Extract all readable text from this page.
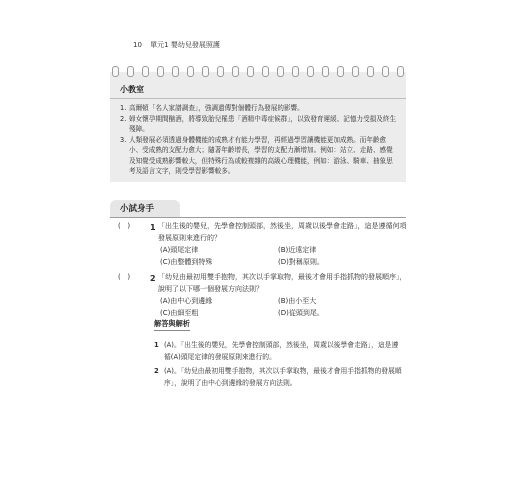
10 單元1 嬰幼兒發展照護
小教室
1. 高爾頓「名人家譜調查」，強調遺傳對個體行為發展的影響。
2. 婦女懷孕期間酗酒，將導致胎兒罹患「酒精中毒症候群」，以致發育遲緩、記憶力受損及終生殘障。
3. 人類發展必須透過身體機能的成熟才有能力學習，再經過學習讓機能更加成熟。而年齡愈小、受成熟的支配力愈大；隨著年齡增長，學習的支配力漸增加。例如：站立、走路、感覺及知覺受成熟影響較大，但特殊行為或較複雜的高級心理機能，例如：游泳、騎車、抽象思考及語言文字，則受學習影響較多。
小試身手
(   ) 1 「出生後的嬰兒，先學會控制頭部，然後坐，周歲以後學會走路」，這是遵循何項發展原則來進行的？
(A)頭尾定律	(B)近遠定律
(C)由整體到特殊	(D)對稱原則。
(   ) 2 「幼兒由最初用雙手抱物，其次以手掌取物，最後才會用手指抓物的發展順序」，說明了以下哪一個發展方向法則？
(A)由中心到邊緣	(B)由小至大
(C)由細至粗	(D)從頭到尾。
解答與解析
1 (A)。「出生後的嬰兒，先學會控制頭部，然後坐，周歲以後學會走路」，這是遵循(A)頭尾定律的發展原則來進行的。
2 (A)。「幼兒由最初用雙手抱物，其次以手掌取物，最後才會用手指抓物的發展順序」，說明了由中心到邊緣的發展方向法則。
